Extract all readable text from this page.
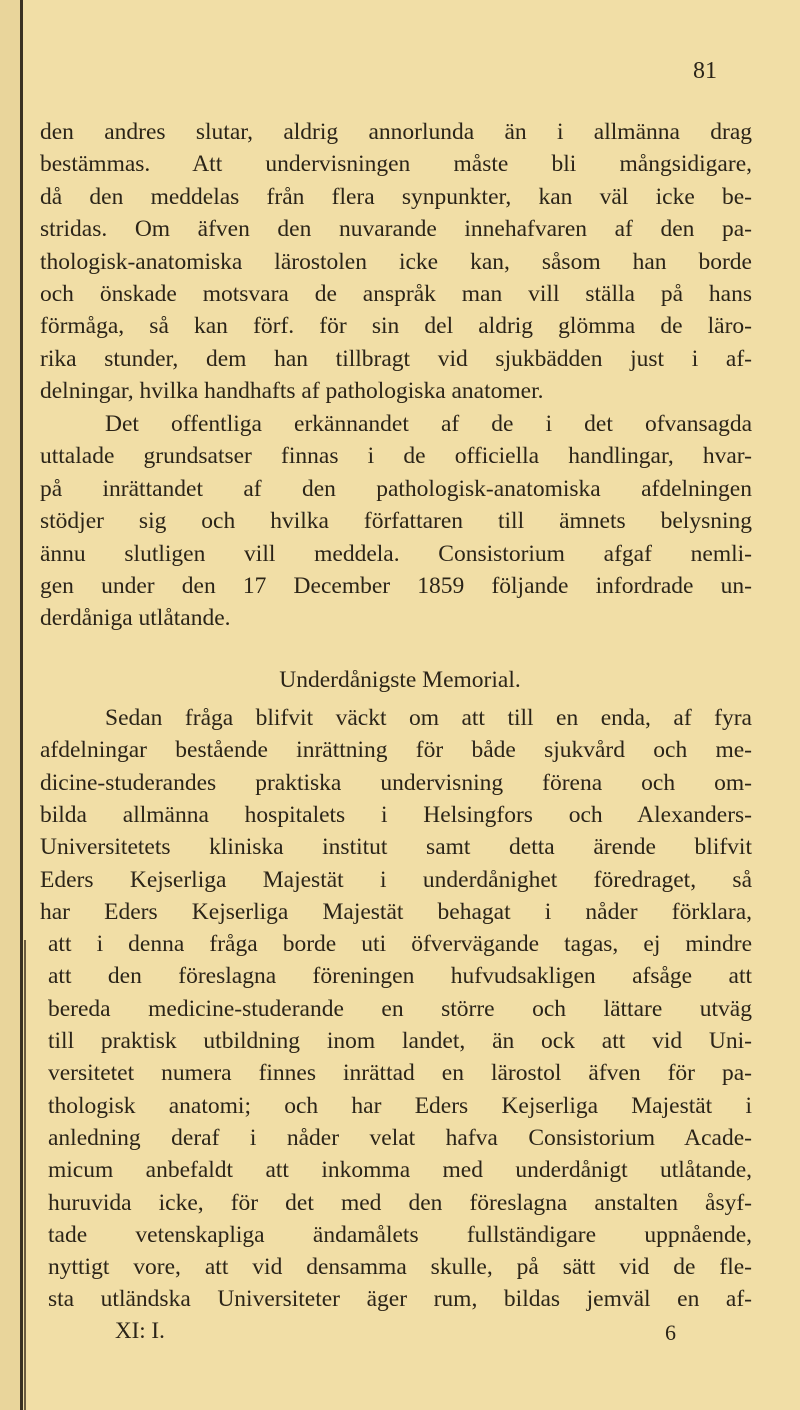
81
den andres slutar, aldrig annorlunda än i allmänna drag
bestämmas. Att undervisningen måste bli mångsidigare,
då den meddelas från flera synpunkter, kan väl icke be-
stridas. Om äfven den nuvarande innehafvaren af den pa-
thologisk-anatomiska lärostolen icke kan, såsom han borde
och önskade motsvara de anspråk man vill ställa på hans
förmåga, så kan förf. för sin del aldrig glömma de läro-
rika stunder, dem han tillbragt vid sjukbädden just i af-
delningar, hvilka handhafts af pathologiska anatomer.
Det offentliga erkännandet af de i det ofvansagda
uttalade grundsatser finnas i de officiella handlingar, hvar-
på inrättandet af den pathologisk-anatomiska afdelningen
stödjer sig och hvilka författaren till ämnets belysning
ännu slutligen vill meddela. Consistorium afgaf nemli-
gen under den 17 December 1859 följande infordrade un-
derdåniga utlåtande.
Underdånigste Memorial.
Sedan fråga blifvit väckt om att till en enda, af fyra
afdelningar bestående inrättning för både sjukvård och me-
dicine-studerandes praktiska undervisning förena och om-
bilda allmänna hospitalets i Helsingfors och Alexanders-
Universitetets kliniska institut samt detta ärende blifvit
Eders Kejserliga Majestät i underdånighet föredraget, så
har Eders Kejserliga Majestät behagat i nåder förklara,
att i denna fråga borde uti öfvervägande tagas, ej mindre
att den föreslagna föreningen hufvudsakligen afsåge att
bereda medicine-studerande en större och lättare utväg
till praktisk utbildning inom landet, än ock att vid Uni-
versitetet numera finnes inrättad en lärostol äfven för pa-
thologisk anatomi; och har Eders Kejserliga Majestät i
anledning deraf i nåder velat hafva Consistorium Acade-
micum anbefaldt att inkomma med underdånigt utlåtande,
huruvida icke, för det med den föreslagna anstalten åsyf-
tade vetenskapliga ändamålets fullständigare uppnående,
nyttigt vore, att vid densamma skulle, på sätt vid de fle-
sta utländska Universiteter äger rum, bildas jemväl en af-
XI: I.	6
